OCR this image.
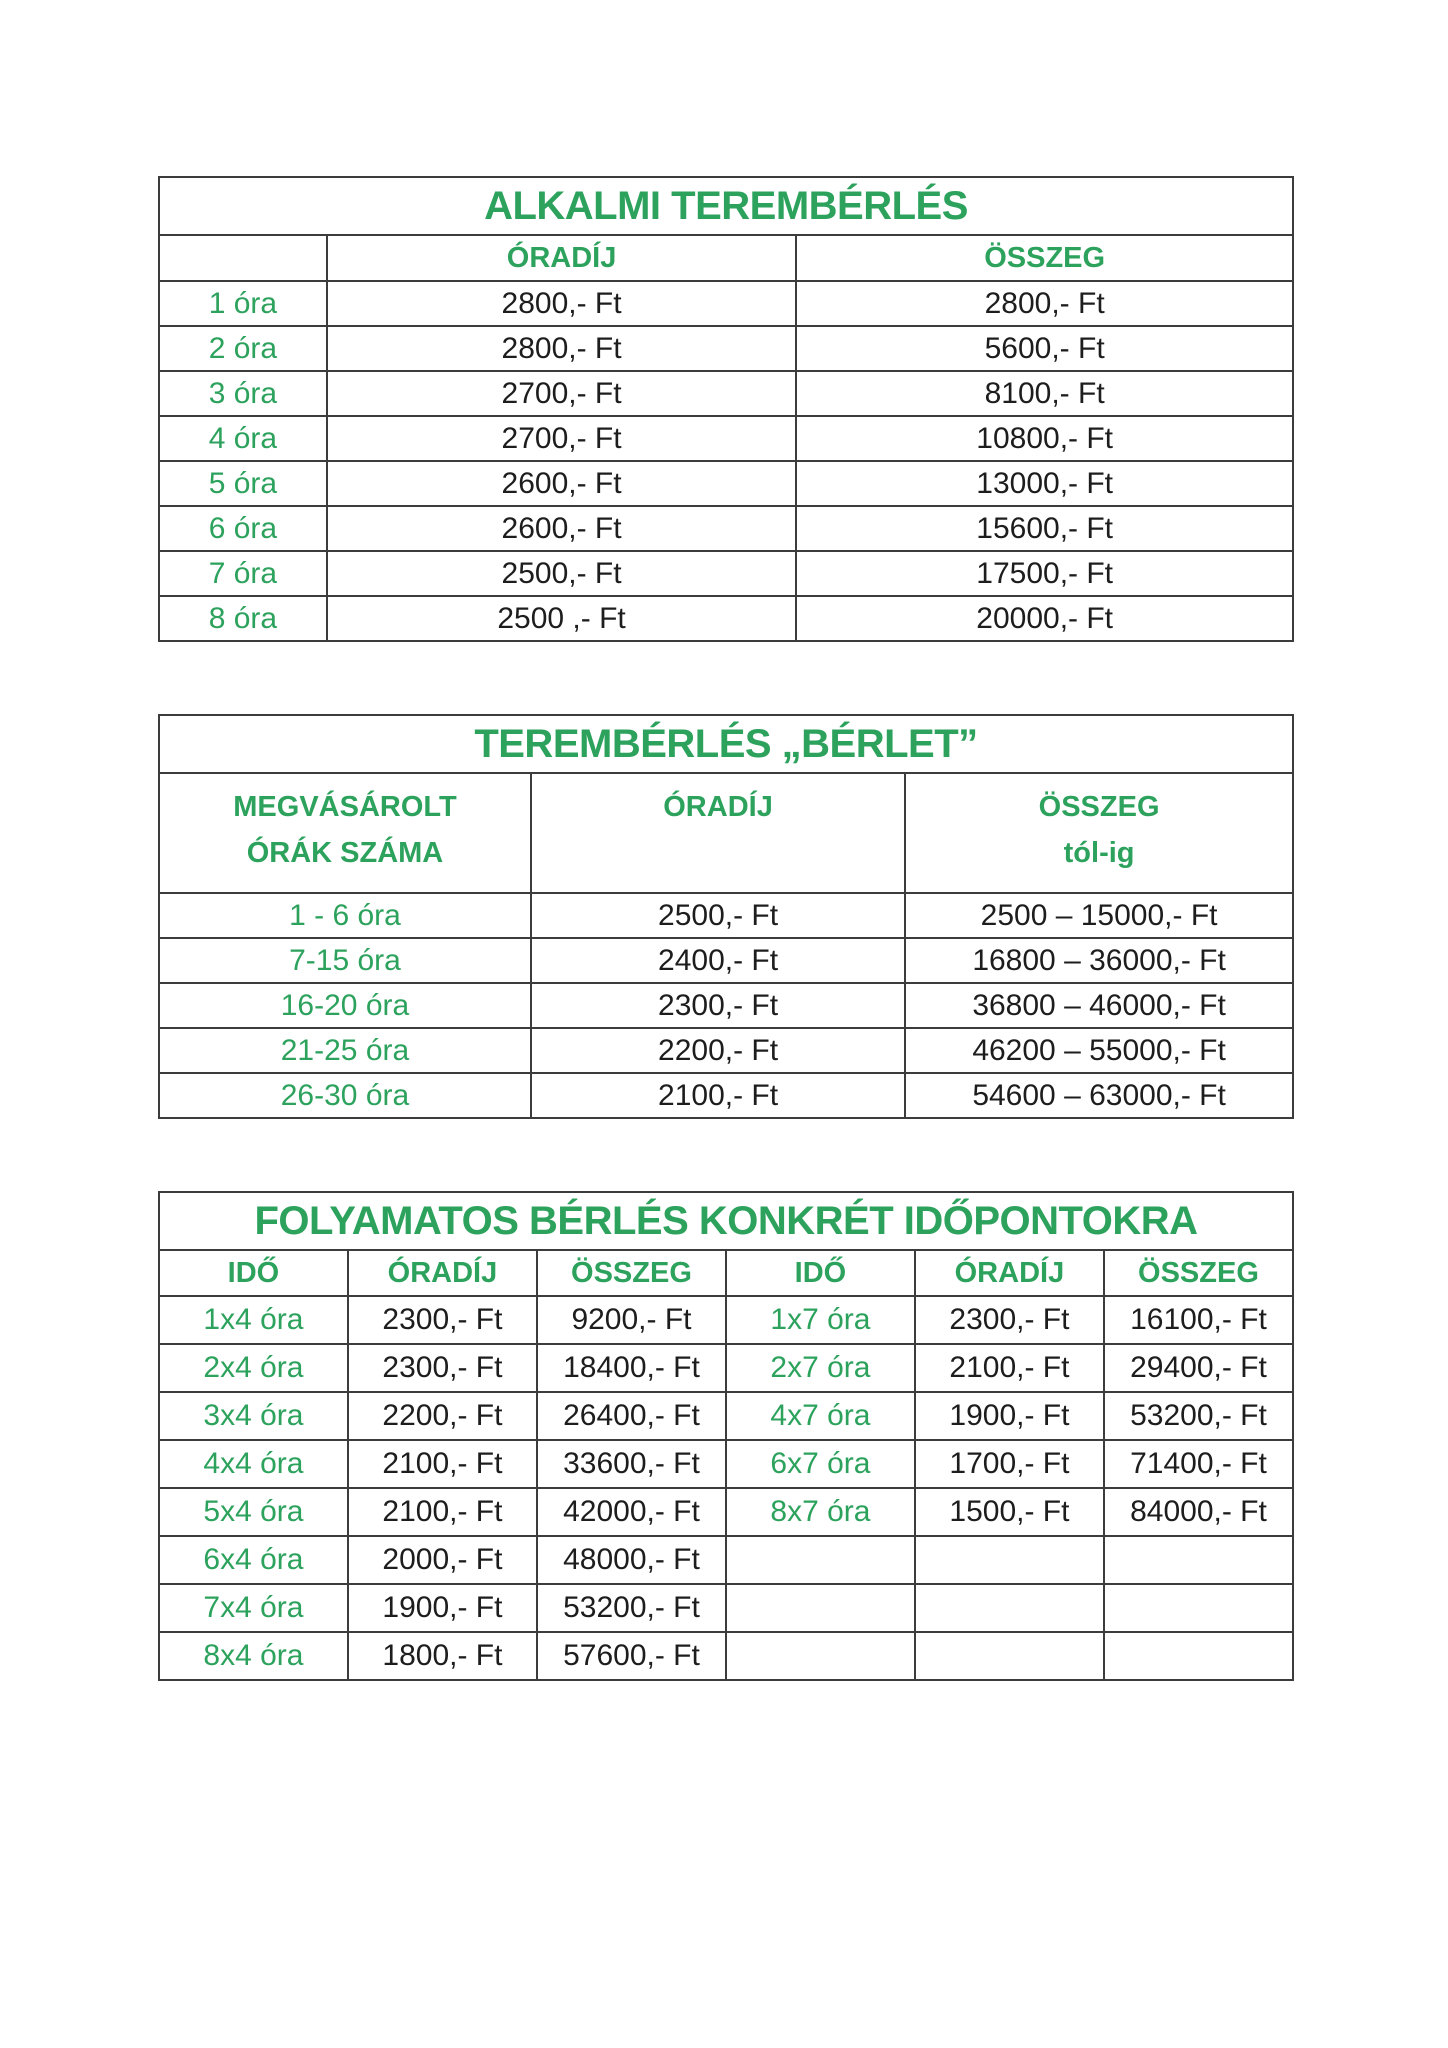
ALKALMI TEREMBÉRLÉS		
	ÓRADÍJ	ÖSSZEG
1 óra	2800,- Ft	2800,- Ft
2 óra	2800,- Ft	5600,- Ft
3 óra	2700,- Ft	8100,- Ft
4 óra	2700,- Ft	10800,- Ft
5 óra	2600,- Ft	13000,- Ft
6 óra	2600,- Ft	15600,- Ft
7 óra	2500,- Ft	17500,- Ft
8 óra	2500 ,- Ft	20000,- Ft
TEREMBÉRLÉS „BÉRLET”		

MEGVÁSÁROLT
ÓRÁK SZÁMA

ÓRADÍJ	ÖSSZEG
tól-ig

1 - 6 óra	2500,- Ft	2500 – 15000,- Ft
7-15 óra	2400,- Ft	16800 – 36000,- Ft
16-20 óra	2300,- Ft	36800 – 46000,- Ft
21-25 óra	2200,- Ft	46200 – 55000,- Ft
26-30 óra	2100,- Ft	54600 – 63000,- Ft
FOLYAMATOS BÉRLÉS KONKRÉT IDŐPONTOKRA					
IDŐ	ÓRADÍJ	ÖSSZEG	IDŐ	ÓRADÍJ	ÖSSZEG
1x4 óra	2300,- Ft	9200,- Ft	1x7 óra	2300,- Ft	16100,- Ft
2x4 óra	2300,- Ft	18400,- Ft	2x7 óra	2100,- Ft	29400,- Ft
3x4 óra	2200,- Ft	26400,- Ft	4x7 óra	1900,- Ft	53200,- Ft
4x4 óra	2100,- Ft	33600,- Ft	6x7 óra	1700,- Ft	71400,- Ft
5x4 óra	2100,- Ft	42000,- Ft	8x7 óra	1500,- Ft	84000,- Ft
6x4 óra	2000,- Ft	48000,- Ft			
7x4 óra	1900,- Ft	53200,- Ft			
8x4 óra	1800,- Ft	57600,- Ft			
